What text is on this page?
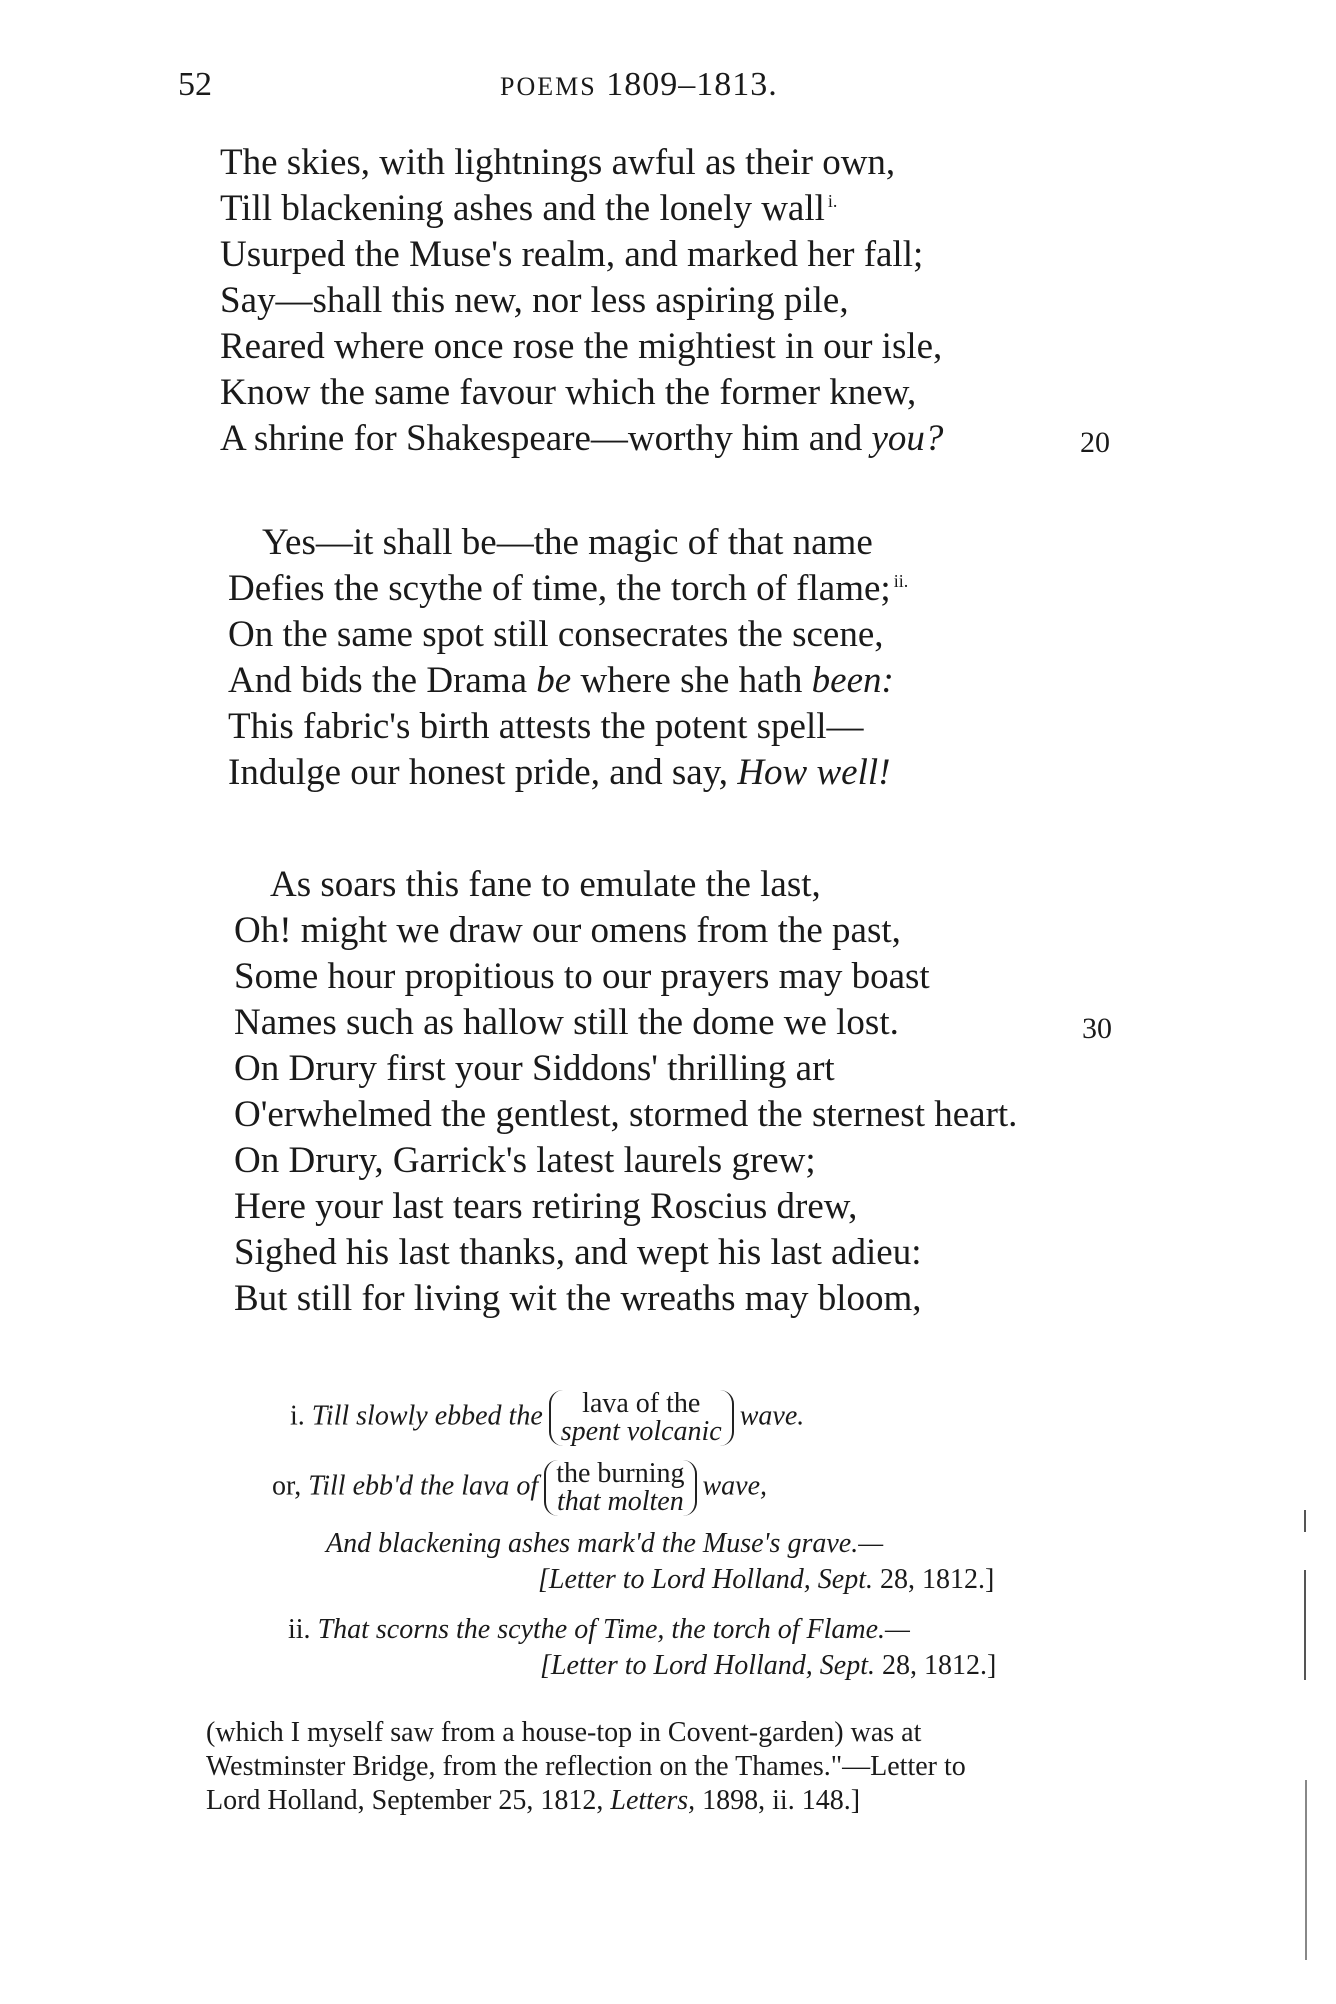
52	POEMS 1809–1813.
The skies, with lightnings awful as their own,
Till blackening ashes and the lonely wall $^{i.}$
Usurped the Muse's realm, and marked her fall;
Say—shall this new, nor less aspiring pile,
Reared where once rose the mightiest in our isle,
Know the same favour which the former knew,
A shrine for Shakespeare—worthy him and you?	20
Yes—it shall be—the magic of that name
Defies the scythe of time, the torch of flame; $^{ii.}$
On the same spot still consecrates the scene,
And bids the Drama be where she hath been:
This fabric's birth attests the potent spell—
Indulge our honest pride, and say, How well!
As soars this fane to emulate the last,
Oh! might we draw our omens from the past,
Some hour propitious to our prayers may boast
Names such as hallow still the dome we lost.	30
On Drury first your Siddons' thrilling art
O'erwhelmed the gentlest, stormed the sternest heart.
On Drury, Garrick's latest laurels grew;
Here your last tears retiring Roscius drew,
Sighed his last thanks, and wept his last adieu:
But still for living wit the wreaths may bloom,
i. Till slowly ebbed the lava of the
spent volcanicwave.
or, Till ebb'd the lava of the burning
that moltenwave,
And blackening ashes mark'd the Muse's grave.—
[Letter to Lord Holland, Sept. 28, 1812.]
ii. That scorns the scythe of Time, the torch of Flame.—
[Letter to Lord Holland, Sept. 28, 1812.]
(which I myself saw from a house-top in Covent-garden) was at
Westminster Bridge, from the reflection on the Thames."—Letter to
Lord Holland, September 25, 1812, Letters, 1898, ii. 148.]
